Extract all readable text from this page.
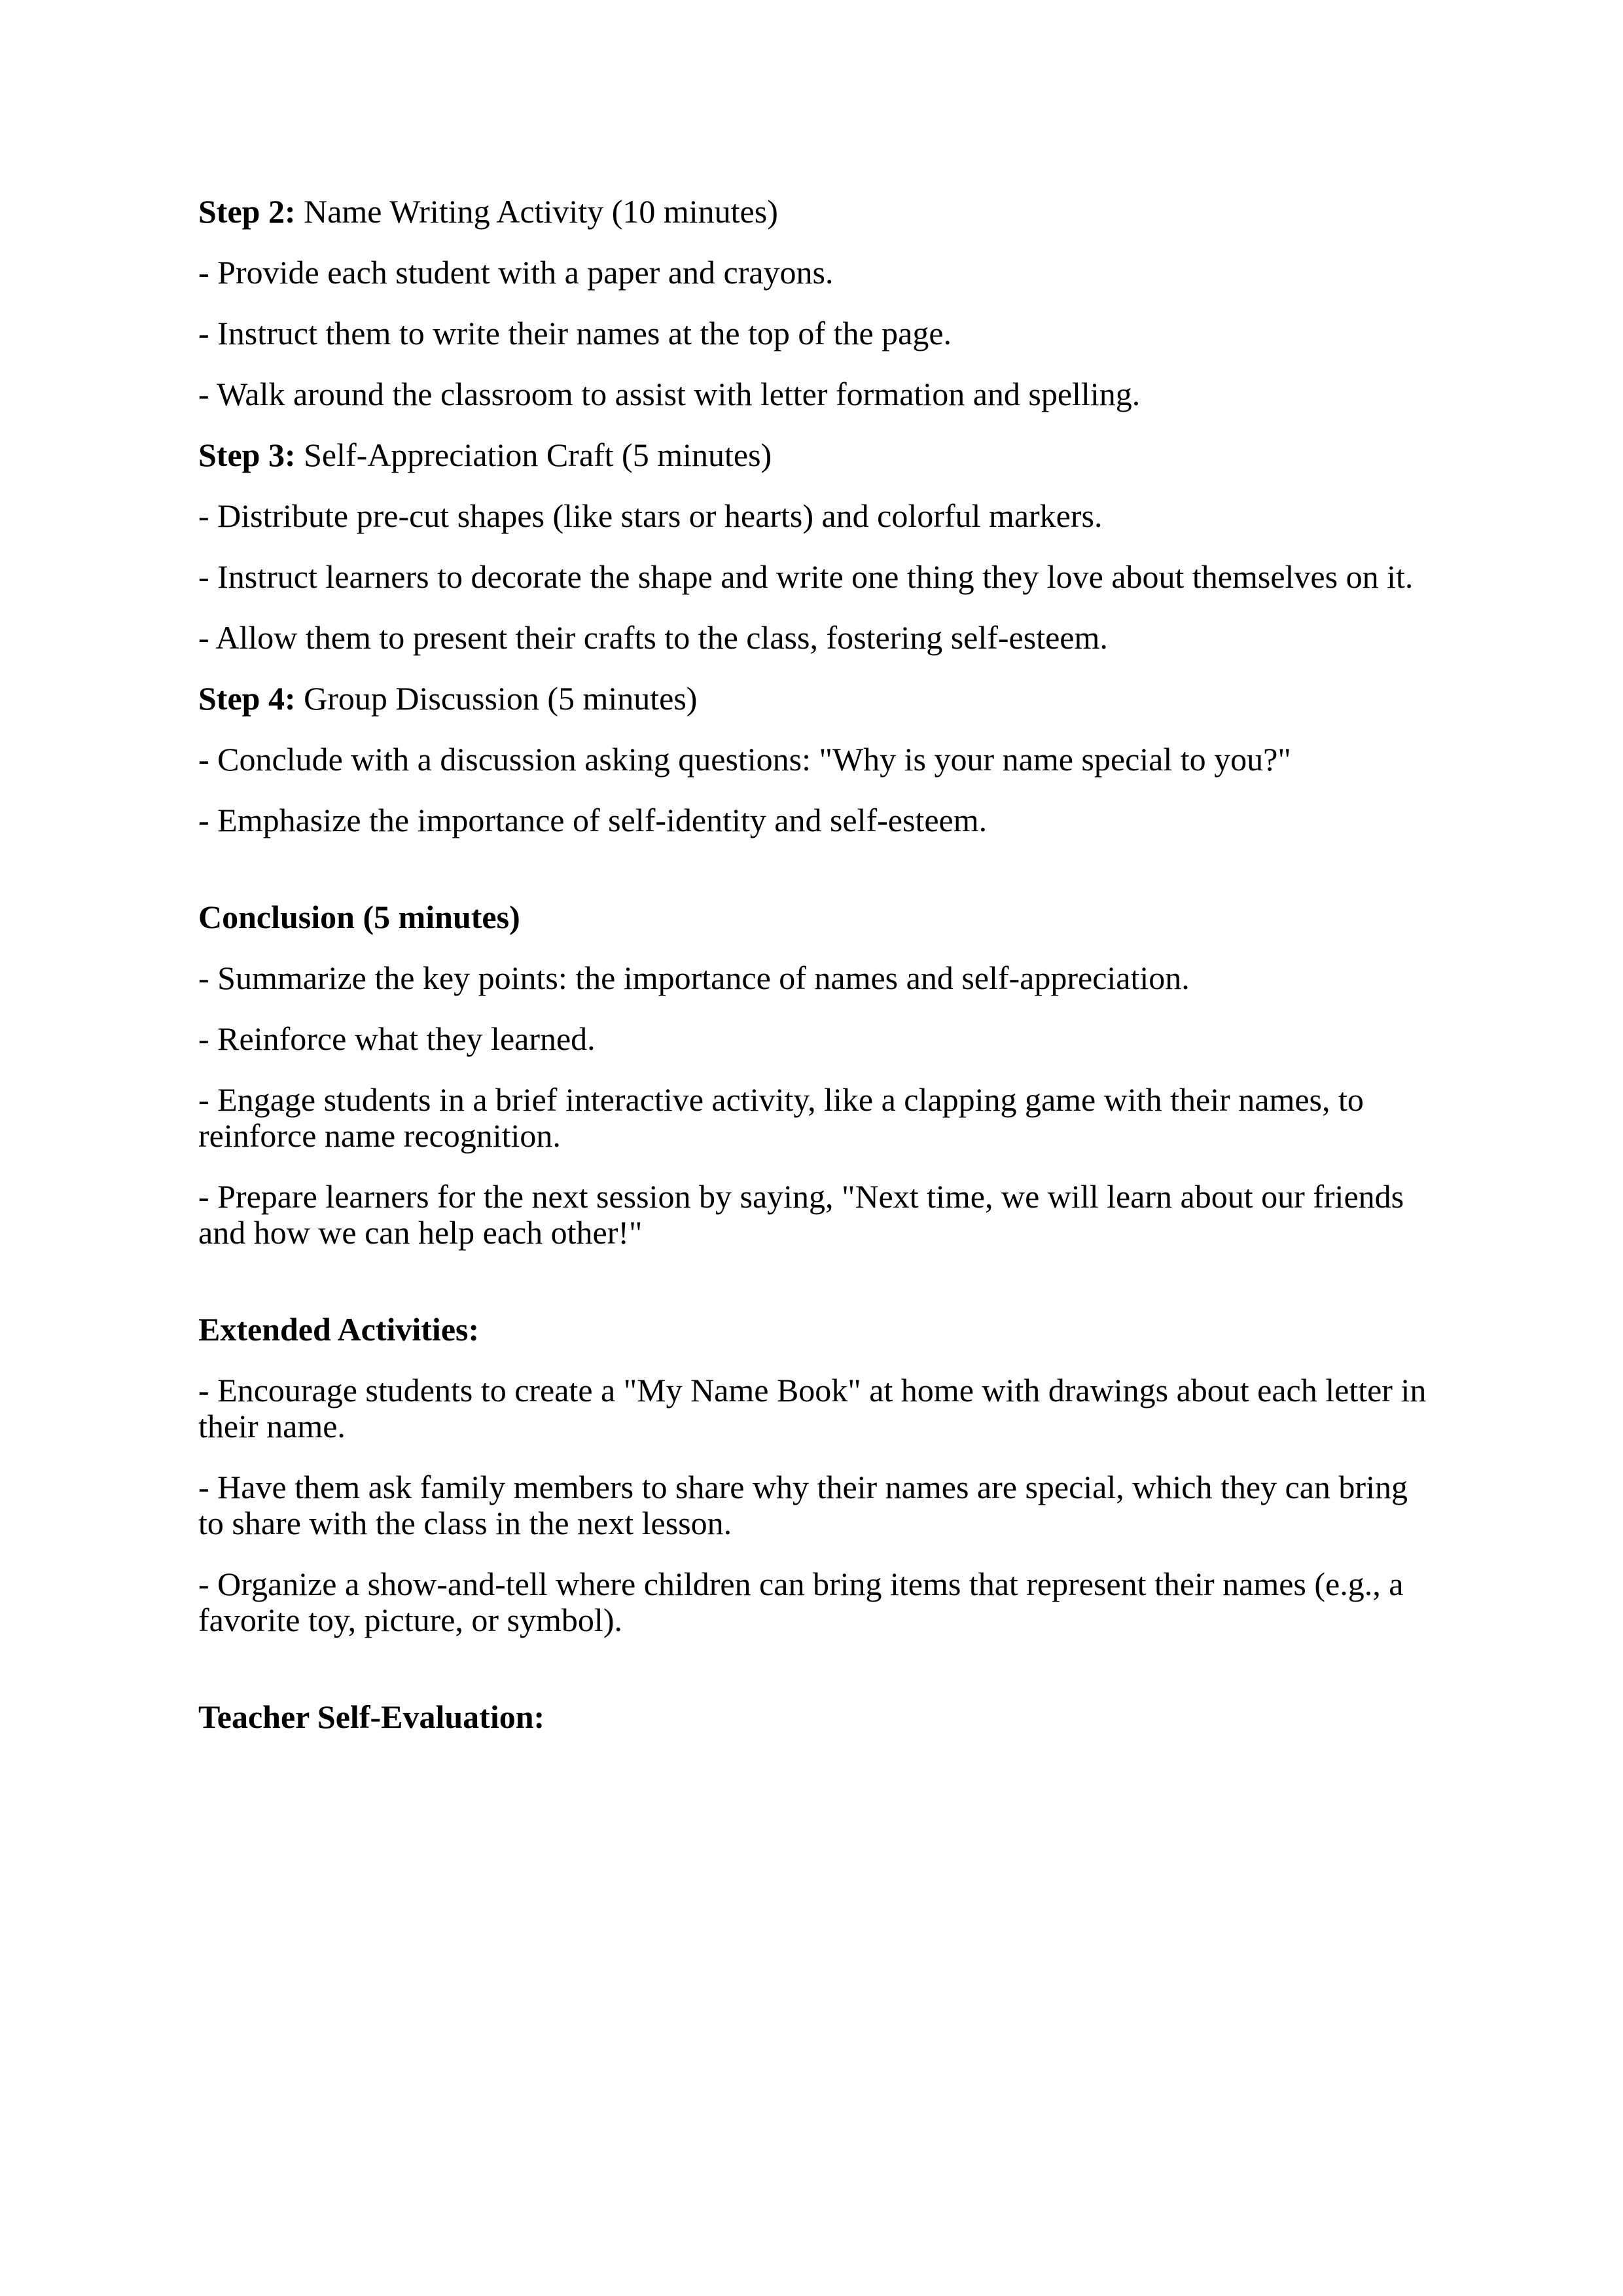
Step 2: Name Writing Activity (10 minutes)

- Provide each student with a paper and crayons.

- Instruct them to write their names at the top of the page.

- Walk around the classroom to assist with letter formation and spelling.

Step 3: Self-Appreciation Craft (5 minutes)

- Distribute pre-cut shapes (like stars or hearts) and colorful markers.

- Instruct learners to decorate the shape and write one thing they love about themselves on it.

- Allow them to present their crafts to the class, fostering self-esteem.

Step 4: Group Discussion (5 minutes)

- Conclude with a discussion asking questions: "Why is your name special to you?"

- Emphasize the importance of self-identity and self-esteem.

Conclusion (5 minutes)

- Summarize the key points: the importance of names and self-appreciation.

- Reinforce what they learned.

- Engage students in a brief interactive activity, like a clapping game with their names, to reinforce name recognition.

- Prepare learners for the next session by saying, "Next time, we will learn about our friends and how we can help each other!"

Extended Activities:

- Encourage students to create a "My Name Book" at home with drawings about each letter in their name.

- Have them ask family members to share why their names are special, which they can bring to share with the class in the next lesson.

- Organize a show-and-tell where children can bring items that represent their names (e.g., a favorite toy, picture, or symbol).

Teacher Self-Evaluation:
